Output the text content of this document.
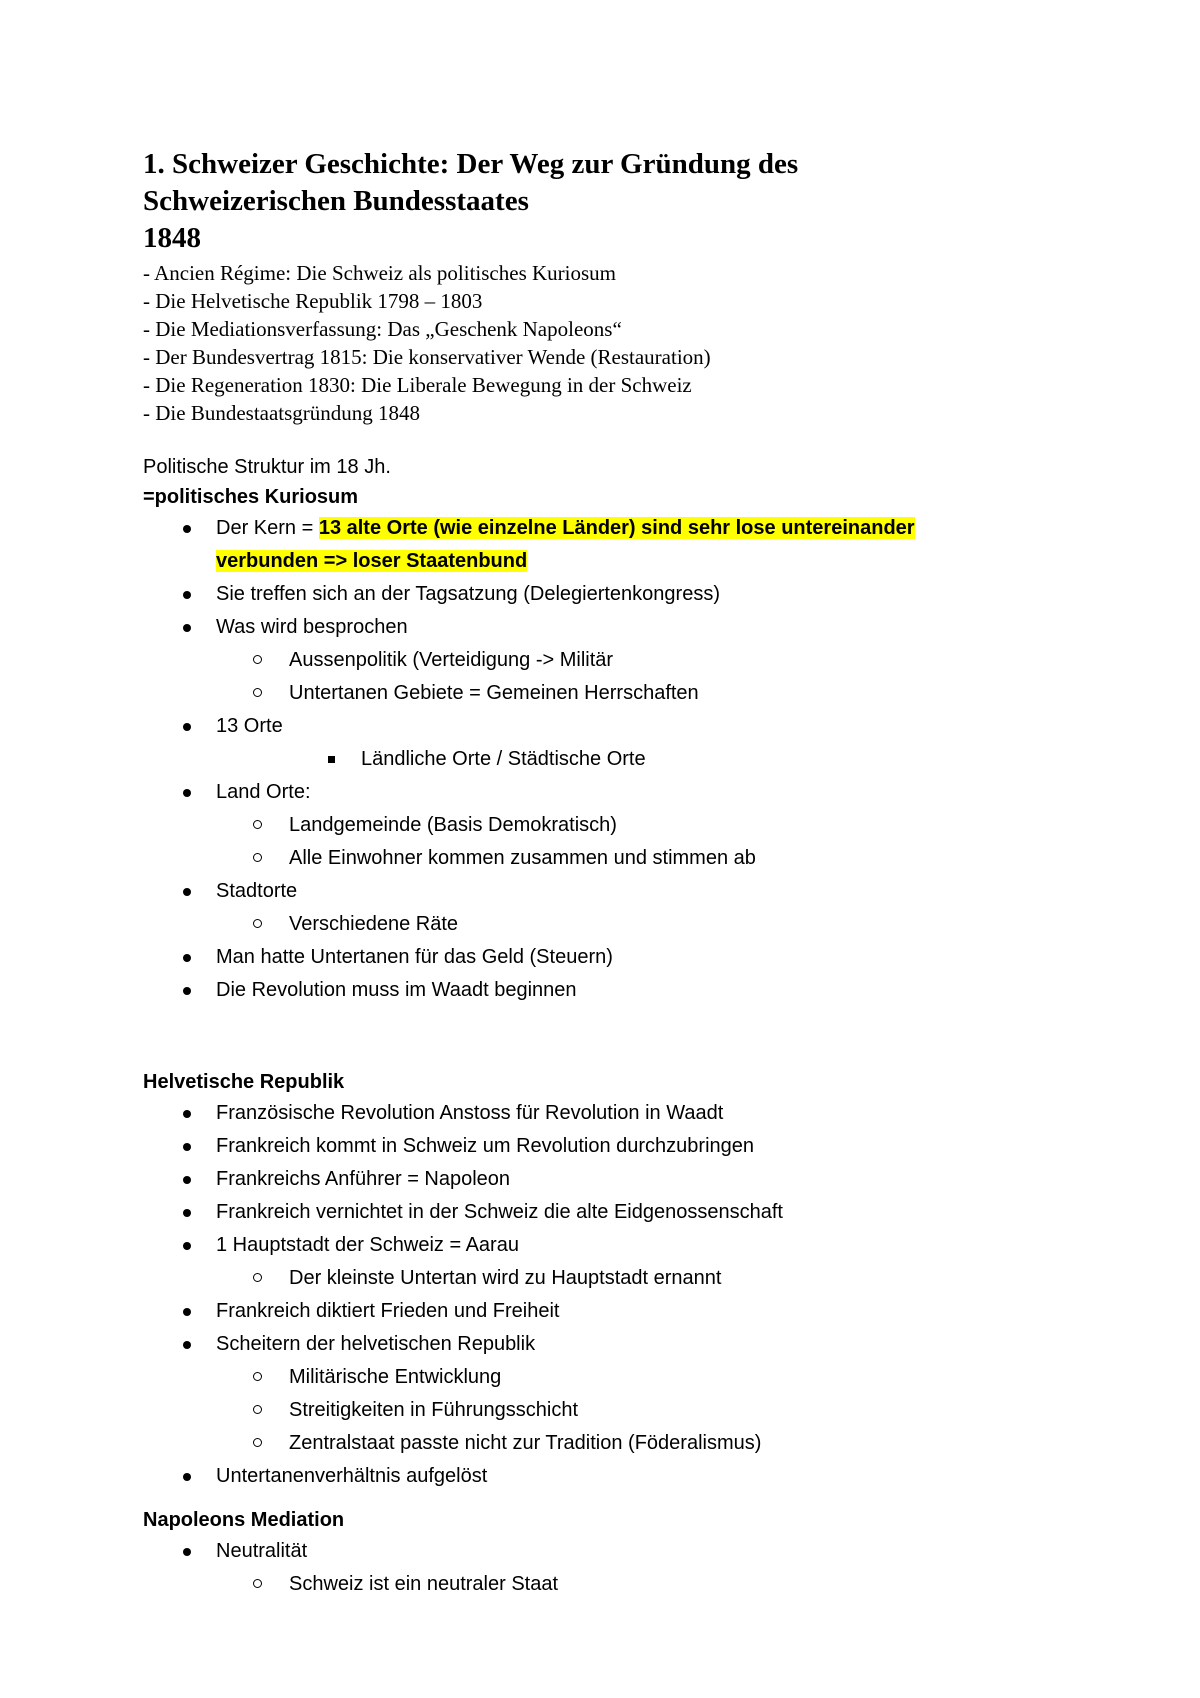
1. Schweizer Geschichte: Der Weg zur Gründung des
Schweizerischen Bundesstaates
1848
- Ancien Régime: Die Schweiz als politisches Kuriosum
- Die Helvetische Republik 1798 – 1803
- Die Mediationsverfassung: Das „Geschenk Napoleons“
- Der Bundesvertrag 1815: Die konservativer Wende (Restauration)
- Die Regeneration 1830: Die Liberale Bewegung in der Schweiz
- Die Bundestaatsgründung 1848

Politische Struktur im 18 Jh.

=politisches Kuriosum

Der Kern = 13 alte Orte (wie einzelne Länder) sind sehr lose untereinander
verbunden => loser Staatenbund
Sie treffen sich an der Tagsatzung (Delegiertenkongress)
Was wird besprochen
Aussenpolitik (Verteidigung -> Militär
Untertanen Gebiete = Gemeinen Herrschaften
13 Orte
Ländliche Orte / Städtische Orte
Land Orte:
Landgemeinde (Basis Demokratisch)
Alle Einwohner kommen zusammen und stimmen ab
Stadtorte
Verschiedene Räte
Man hatte Untertanen für das Geld (Steuern)
Die Revolution muss im Waadt beginnen

Helvetische Republik

Französische Revolution Anstoss für Revolution in Waadt
Frankreich kommt in Schweiz um Revolution durchzubringen
Frankreichs Anführer = Napoleon
Frankreich vernichtet in der Schweiz die alte Eidgenossenschaft
1 Hauptstadt der Schweiz = Aarau
Der kleinste Untertan wird zu Hauptstadt ernannt
Frankreich diktiert Frieden und Freiheit
Scheitern der helvetischen Republik
Militärische Entwicklung
Streitigkeiten in Führungsschicht
Zentralstaat passte nicht zur Tradition (Föderalismus)
Untertanenverhältnis aufgelöst

Napoleons Mediation

Neutralität
Schweiz ist ein neutraler Staat
